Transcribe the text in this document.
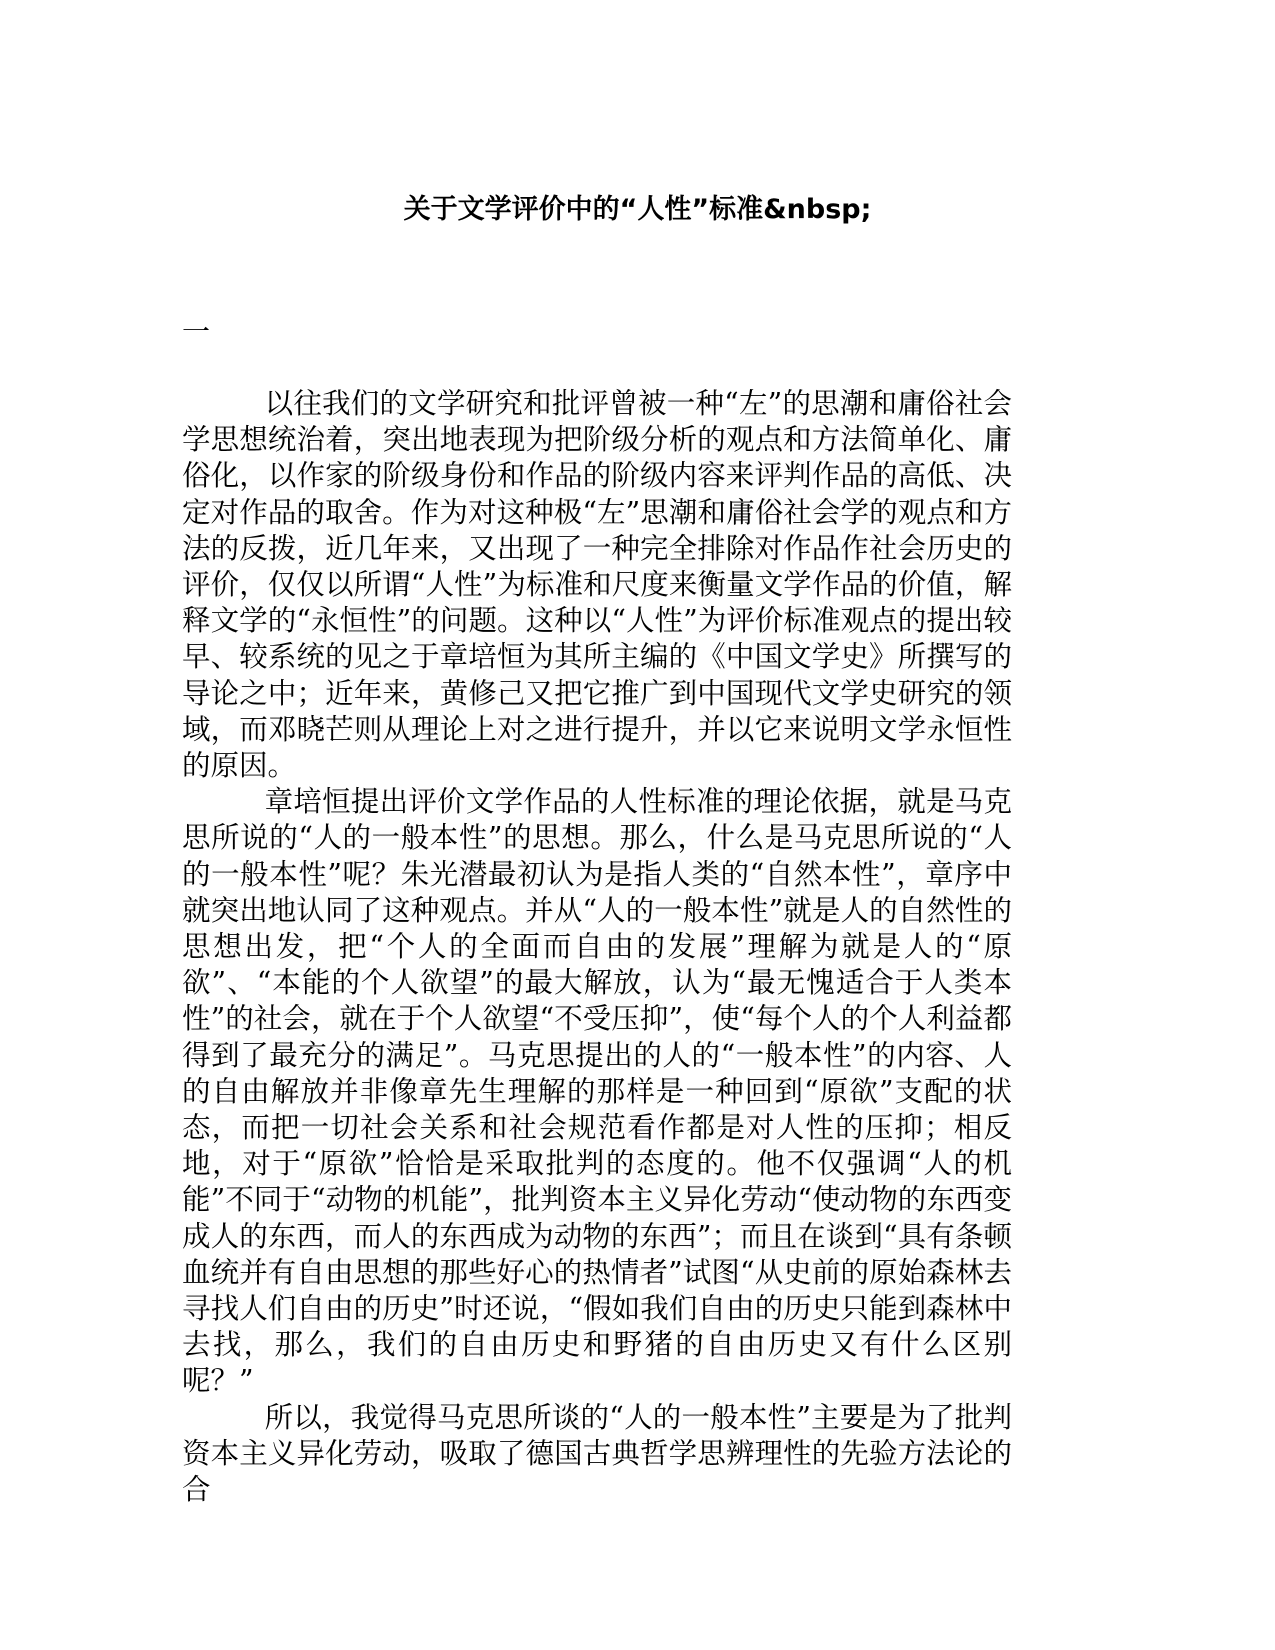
关于文学评价中的“人性”标准&nbsp;
一

以往我们的文学研究和批评曾被一种“左”的思潮和庸俗社会学思想统治着，突出地表现为把阶级分析的观点和方法简单化、庸俗化，以作家的阶级身份和作品的阶级内容来评判作品的高低、决定对作品的取舍。作为对这种极“左”思潮和庸俗社会学的观点和方法的反拨，近几年来，又出现了一种完全排除对作品作社会历史的评价，仅仅以所谓“人性”为标准和尺度来衡量文学作品的价值，解释文学的“永恒性”的问题。这种以“人性”为评价标准观点的提出较早、较系统的见之于章培恒为其所主编的《中国文学史》所撰写的导论之中；近年来，黄修己又把它推广到中国现代文学史研究的领域，而邓晓芒则从理论上对之进行提升，并以它来说明文学永恒性的原因。

章培恒提出评价文学作品的人性标准的理论依据，就是马克思所说的“人的一般本性”的思想。那么，什么是马克思所说的“人的一般本性”呢？朱光潜最初认为是指人类的“自然本性”，章序中就突出地认同了这种观点。并从“人的一般本性”就是人的自然性的思想出发，把“个人的全面而自由的发展”理解为就是人的“原欲”、“本能的个人欲望”的最大解放，认为“最无愧适合于人类本性”的社会，就在于个人欲望“不受压抑”，使“每个人的个人利益都得到了最充分的满足”。马克思提出的人的“一般本性”的内容、人的自由解放并非像章先生理解的那样是一种回到“原欲”支配的状态，而把一切社会关系和社会规范看作都是对人性的压抑；相反地，对于“原欲”恰恰是采取批判的态度的。他不仅强调“人的机能”不同于“动物的机能”，批判资本主义异化劳动“使动物的东西变成人的东西，而人的东西成为动物的东西”；而且在谈到“具有条顿血统并有自由思想的那些好心的热情者”试图“从史前的原始森林去寻找人们自由的历史”时还说，“假如我们自由的历史只能到森林中去找，那么，我们的自由历史和野猪的自由历史又有什么区别呢？”

所以，我觉得马克思所谈的“人的一般本性”主要是为了批判资本主义异化劳动，吸取了德国古典哲学思辨理性的先验方法论的合
